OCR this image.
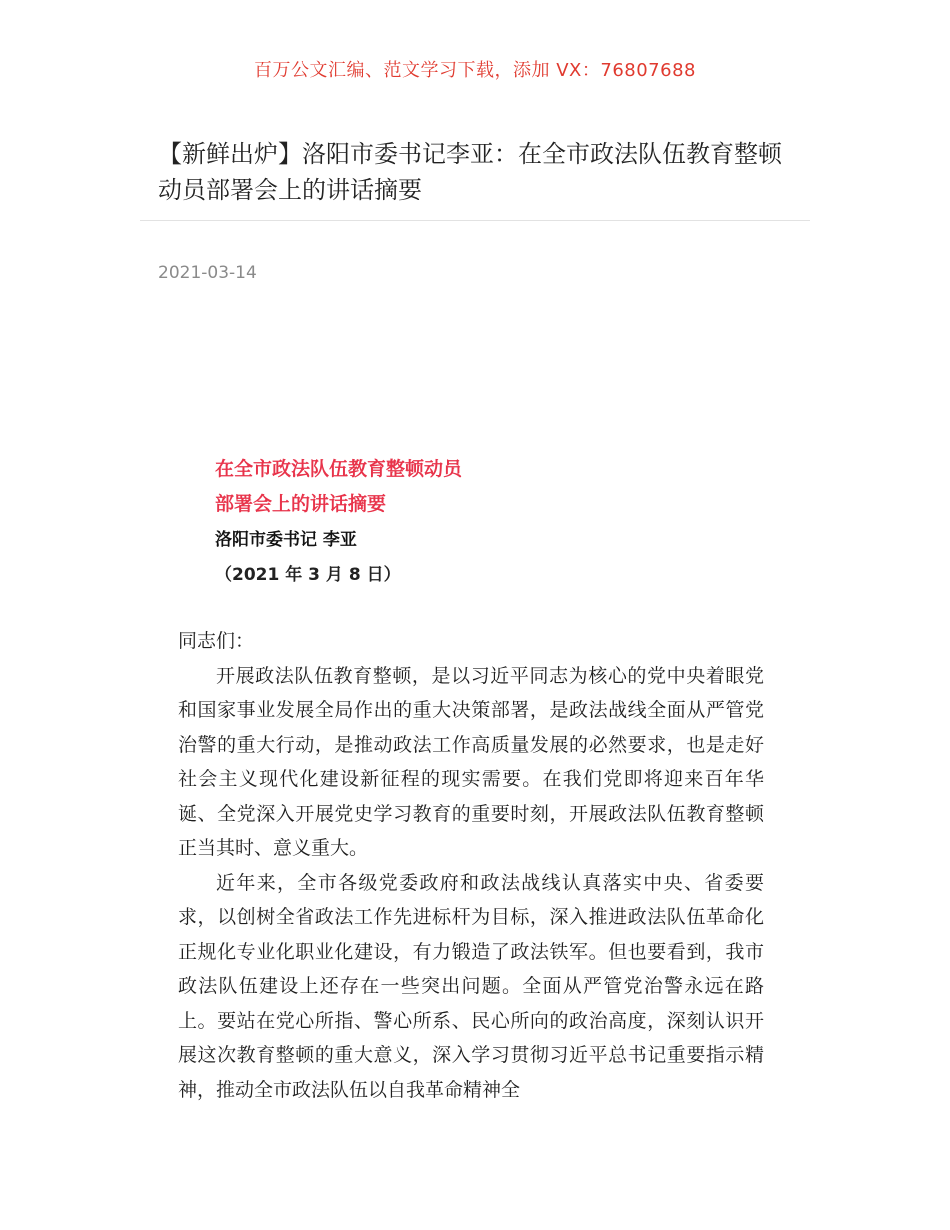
百万公文汇编、范文学习下载，添加 VX：76807688
【新鲜出炉】洛阳市委书记李亚：在全市政法队伍教育整顿动员部署会上的讲话摘要
2021-03-14
在全市政法队伍教育整顿动员
部署会上的讲话摘要
洛阳市委书记 李亚
（2021 年 3 月 8 日）

同志们：

开展政法队伍教育整顿，是以习近平同志为核心的党中央着眼党和国家事业发展全局作出的重大决策部署，是政法战线全面从严管党治警的重大行动，是推动政法工作高质量发展的必然要求，也是走好社会主义现代化建设新征程的现实需要。在我们党即将迎来百年华诞、全党深入开展党史学习教育的重要时刻，开展政法队伍教育整顿正当其时、意义重大。

近年来，全市各级党委政府和政法战线认真落实中央、省委要求，以创树全省政法工作先进标杆为目标，深入推进政法队伍革命化正规化专业化职业化建设，有力锻造了政法铁军。但也要看到，我市政法队伍建设上还存在一些突出问题。全面从严管党治警永远在路上。要站在党心所指、警心所系、民心所向的政治高度，深刻认识开展这次教育整顿的重大意义，深入学习贯彻习近平总书记重要指示精神，推动全市政法队伍以自我革命精神全
